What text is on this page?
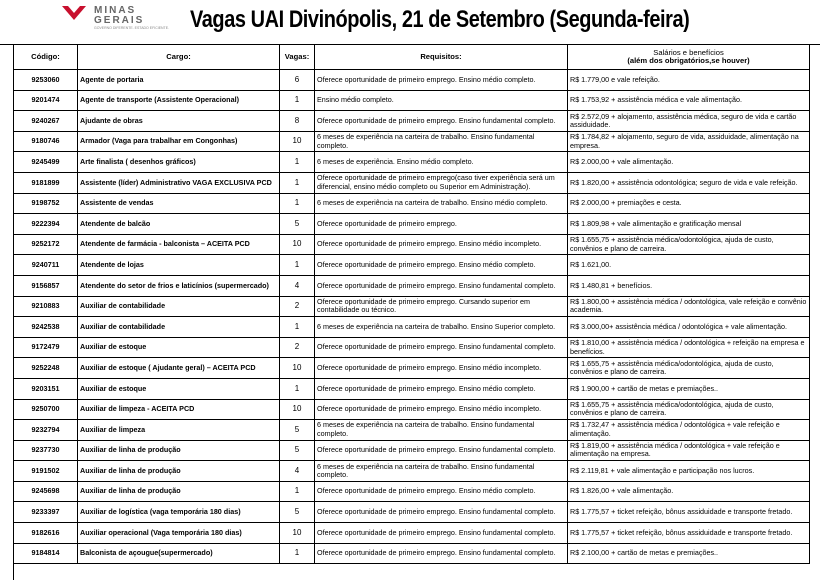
MINAS
GERAIS
GOVERNO DIFERENTE. ESTADO EFICIENTE. Vagas UAI Divinópolis, 21 de Setembro (Segunda-feira)
Código:	Cargo:	Vagas:	Requisitos:	Salários e benefícios
(além dos obrigatórios,se houver)

9253060	Agente de portaria	6	Oferece oportunidade de primeiro emprego. Ensino médio completo.	R$ 1.779,00 e vale refeição.
9201474	Agente de transporte (Assistente Operacional)	1	Ensino médio completo.	R$ 1.753,92 + assistência médica e vale alimentação.
9240267	Ajudante de obras	8	Oferece oportunidade de primeiro emprego. Ensino fundamental completo.	R$ 2.572,09 + alojamento, assistência médica, seguro de vida e cartão assiduidade.
9180746	Armador (Vaga para trabalhar em Congonhas)	10	6 meses de experiência na carteira de trabalho. Ensino fundamental completo.	R$ 1.784,82 + alojamento, seguro de vida, assiduidade, alimentação na empresa.
9245499	Arte finalista ( desenhos gráficos)	1	6 meses de experiência. Ensino médio completo.	R$ 2.000,00 + vale alimentação.
9181899	Assistente (líder) Administrativo VAGA EXCLUSIVA PCD	1	Oferece oportunidade de primeiro emprego(caso tiver experiência será um diferencial, ensino médio completo ou Superior em Administração).	R$ 1.820,00 + assistência odontológica; seguro de vida e vale refeição.
9198752	Assistente de vendas	1	6 meses de experiência na carteira de trabalho. Ensino médio completo.	R$ 2.000,00 + premiações e cesta.
9222394	Atendente de balcão	5	Oferece oportunidade de primeiro emprego.	R$ 1.809,98 + vale alimentação e gratificação mensal
9252172	Atendente de farmácia - balconista – ACEITA PCD	10	Oferece oportunidade de primeiro emprego. Ensino médio incompleto.	R$ 1.655,75 + assistência médica/odontológica, ajuda de custo, convênios e plano de carreira.
9240711	Atendente de lojas	1	Oferece oportunidade de primeiro emprego. Ensino médio completo.	R$ 1.621,00.
9156857	Atendente do setor de frios e laticínios (supermercado)	4	Oferece oportunidade de primeiro emprego. Ensino fundamental completo.	R$ 1.480,81 + benefícios.
9210883	Auxiliar de contabilidade	2	Oferece oportunidade de primeiro emprego. Cursando superior em contabilidade ou técnico.	R$ 1.800,00 + assistência médica / odontológica, vale refeição e convênio academia.
9242538	Auxiliar de contabilidade	1	6 meses de experiência na carteira de trabalho. Ensino Superior completo.	R$ 3.000,00+ assistência médica / odontológica + vale alimentação.
9172479	Auxiliar de estoque	2	Oferece oportunidade de primeiro emprego. Ensino fundamental completo.	R$ 1.810,00 + assistência médica / odontológica + refeição na empresa e benefícios.
9252248	Auxiliar de estoque ( Ajudante geral) – ACEITA PCD	10	Oferece oportunidade de primeiro emprego. Ensino médio incompleto.	R$ 1.655,75 + assistência médica/odontológica, ajuda de custo, convênios e plano de carreira.
9203151	Auxiliar de estoque	1	Oferece oportunidade de primeiro emprego. Ensino médio completo.	R$ 1.900,00 + cartão de metas e premiações..
9250700	Auxiliar de limpeza - ACEITA PCD	10	Oferece oportunidade de primeiro emprego. Ensino médio incompleto.	R$ 1.655,75 + assistência médica/odontológica, ajuda de custo, convênios e plano de carreira.
9232794	Auxiliar de limpeza	5	6 meses de experiência na carteira de trabalho. Ensino fundamental completo.	R$ 1.732,47 + assistência médica / odontológica + vale refeição e alimentação.
9237730	Auxiliar de linha de produção	5	Oferece oportunidade de primeiro emprego. Ensino fundamental completo.	R$ 1.819,00 + assistência médica / odontológica + vale refeição e alimentação na empresa.
9191502	Auxiliar de linha de produção	4	6 meses de experiência na carteira de trabalho. Ensino fundamental completo.	R$ 2.119,81 + vale alimentação e participação nos lucros.
9245698	Auxiliar de linha de produção	1	Oferece oportunidade de primeiro emprego. Ensino médio completo.	R$ 1.826,00 + vale alimentação.
9233397	Auxiliar de logística (vaga temporária 180 dias)	5	Oferece oportunidade de primeiro emprego. Ensino fundamental completo.	R$ 1.775,57 + ticket refeição, bônus assiduidade e transporte fretado.
9182616	Auxiliar operacional (Vaga temporária 180 dias)	10	Oferece oportunidade de primeiro emprego. Ensino fundamental completo.	R$ 1.775,57 + ticket refeição, bônus assiduidade e transporte fretado.
9184814	Balconista de açougue(supermercado)	1	Oferece oportunidade de primeiro emprego. Ensino fundamental completo.	R$ 2.100,00 + cartão de metas e premiações..
